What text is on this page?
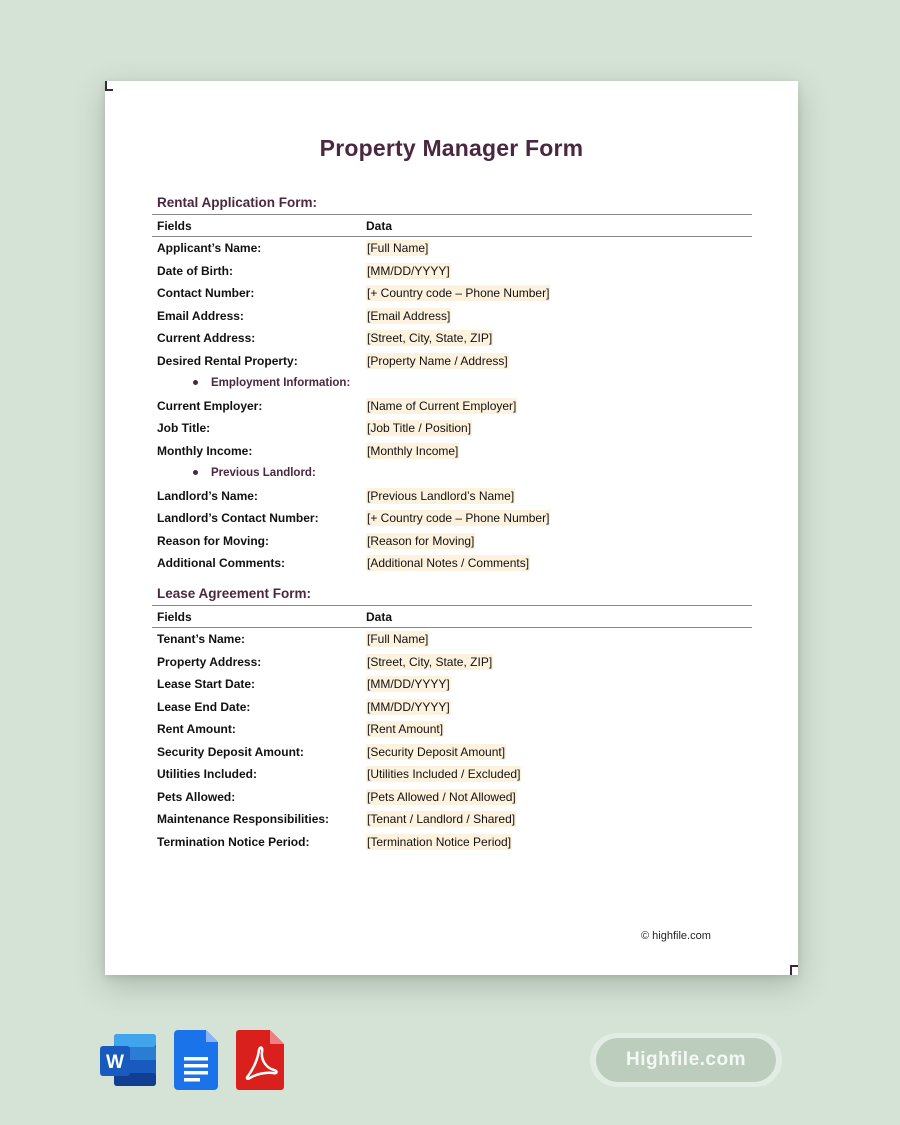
Property Manager Form
Rental Application Form:
Fields	Data
Applicant’s Name:	[Full Name]
Date of Birth:	[MM/DD/YYYY]
Contact Number:	[+ Country code – Phone Number]
Email Address:	[Email Address]
Current Address:	[Street, City, State, ZIP]
Desired Rental Property:	[Property Name / Address]
Employment Information:
Current Employer:	[Name of Current Employer]
Job Title:	[Job Title / Position]
Monthly Income:	[Monthly Income]
Previous Landlord:
Landlord’s Name:	[Previous Landlord’s Name]
Landlord’s Contact Number:	[+ Country code – Phone Number]
Reason for Moving:	[Reason for Moving]
Additional Comments:	[Additional Notes / Comments]
Lease Agreement Form:
Fields	Data
Tenant’s Name:	[Full Name]
Property Address:	[Street, City, State, ZIP]
Lease Start Date:	[MM/DD/YYYY]
Lease End Date:	[MM/DD/YYYY]
Rent Amount:	[Rent Amount]
Security Deposit Amount:	[Security Deposit Amount]
Utilities Included:	[Utilities Included / Excluded]
Pets Allowed:	[Pets Allowed / Not Allowed]
Maintenance Responsibilities:	[Tenant / Landlord / Shared]
Termination Notice Period:	[Termination Notice Period]
© highfile.com
W	Highfile.com
